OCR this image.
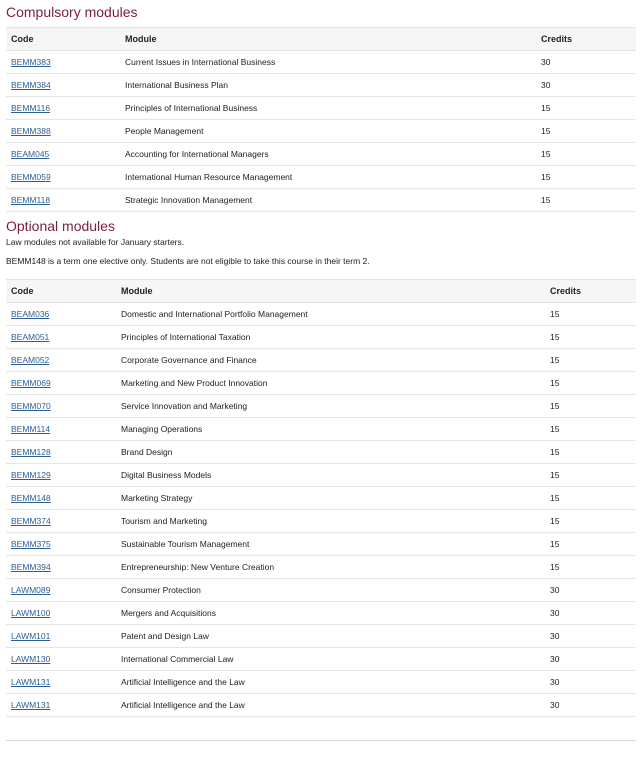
Compulsory modules
Code	Module	Credits
BEMM383	Current Issues in International Business	30
BEMM384	International Business Plan	30
BEMM116	Principles of International Business	15
BEMM388	People Management	15
BEAM045	Accounting for International Managers	15
BEMM059	International Human Resource Management	15
BEMM118	Strategic Innovation Management	15
Optional modules

Law modules not available for January starters.

BEMM148 is a term one elective only. Students are not eligible to take this course in their term 2.

Code	Module	Credits
BEAM036	Domestic and International Portfolio Management	15
BEAM051	Principles of International Taxation	15
BEAM052	Corporate Governance and Finance	15
BEMM069	Marketing and New Product Innovation	15
BEMM070	Service Innovation and Marketing	15
BEMM114	Managing Operations	15
BEMM128	Brand Design	15
BEMM129	Digital Business Models	15
BEMM148	Marketing Strategy	15
BEMM374	Tourism and Marketing	15
BEMM375	Sustainable Tourism Management	15
BEMM394	Entrepreneurship: New Venture Creation	15
LAWM089	Consumer Protection	30
LAWM100	Mergers and Acquisitions	30
LAWM101	Patent and Design Law	30
LAWM130	International Commercial Law	30
LAWM131	Artificial Intelligence and the Law	30
LAWM131	Artificial Intelligence and the Law	30
